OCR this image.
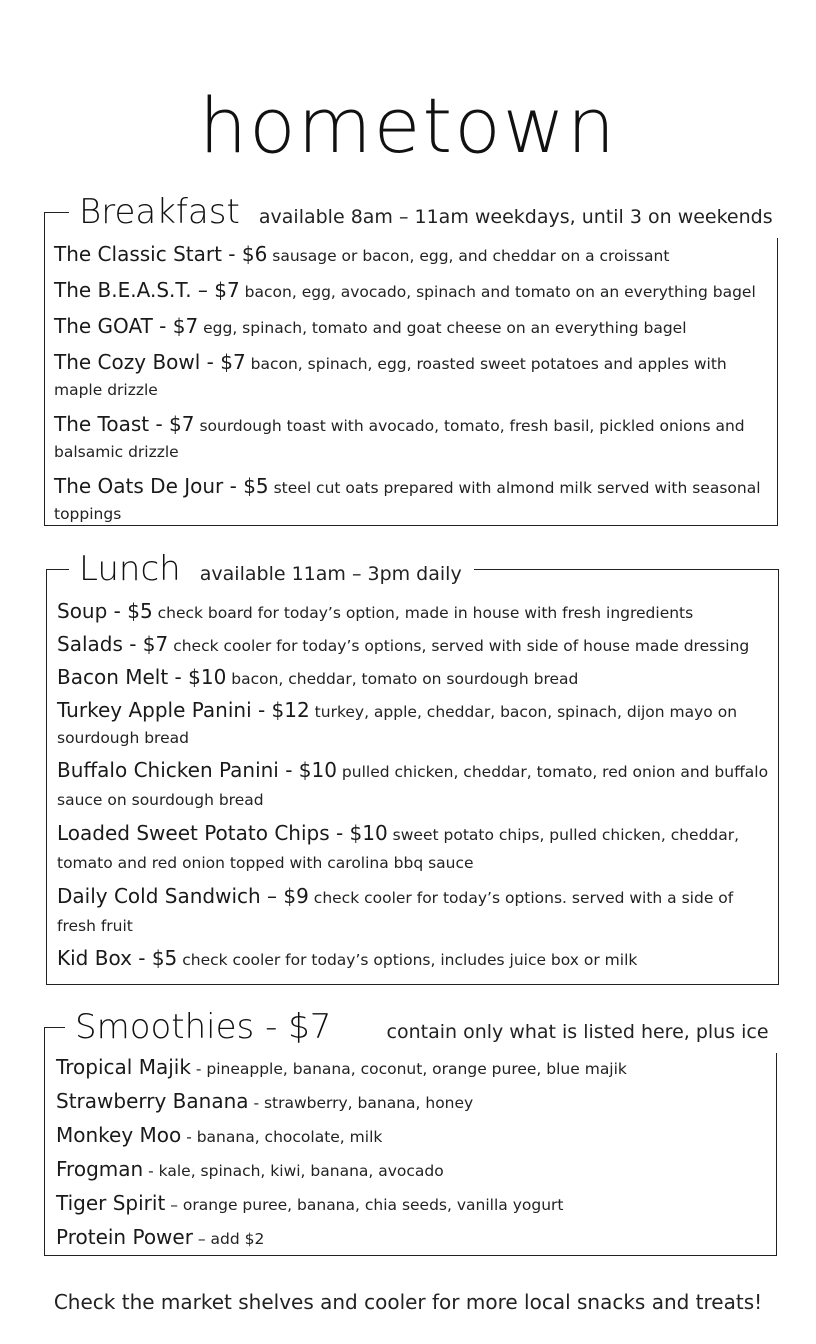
hometown
Breakfast available 8am – 11am weekdays, until 3 on weekends
The Classic Start - $6 sausage or bacon, egg, and cheddar on a croissant
The B.E.A.S.T. – $7 bacon, egg, avocado, spinach and tomato on an everything bagel
The GOAT - $7 egg, spinach, tomato and goat cheese on an everything bagel
The Cozy Bowl - $7 bacon, spinach, egg, roasted sweet potatoes and apples with maple drizzle
The Toast - $7 sourdough toast with avocado, tomato, fresh basil, pickled onions and balsamic drizzle
The Oats De Jour - $5 steel cut oats prepared with almond milk served with seasonal toppings
Lunch available 11am – 3pm daily
Soup - $5 check board for today’s option, made in house with fresh ingredients
Salads - $7 check cooler for today’s options, served with side of house made dressing
Bacon Melt - $10 bacon, cheddar, tomato on sourdough bread
Turkey Apple Panini - $12 turkey, apple, cheddar, bacon, spinach, dijon mayo on sourdough bread
Buffalo Chicken Panini - $10 pulled chicken, cheddar, tomato, red onion and buffalo sauce on sourdough bread
Loaded Sweet Potato Chips - $10 sweet potato chips, pulled chicken, cheddar, tomato and red onion topped with carolina bbq sauce
Daily Cold Sandwich – $9 check cooler for today’s options. served with a side of fresh fruit
Kid Box - $5 check cooler for today’s options, includes juice box or milk
Smoothies - $7	contain only what is listed here, plus ice
Tropical Majik - pineapple, banana, coconut, orange puree, blue majik
Strawberry Banana - strawberry, banana, honey
Monkey Moo - banana, chocolate, milk
Frogman - kale, spinach, kiwi, banana, avocado
Tiger Spirit – orange puree, banana, chia seeds, vanilla yogurt
Protein Power – add $2
Check the market shelves and cooler for more local snacks and treats!
